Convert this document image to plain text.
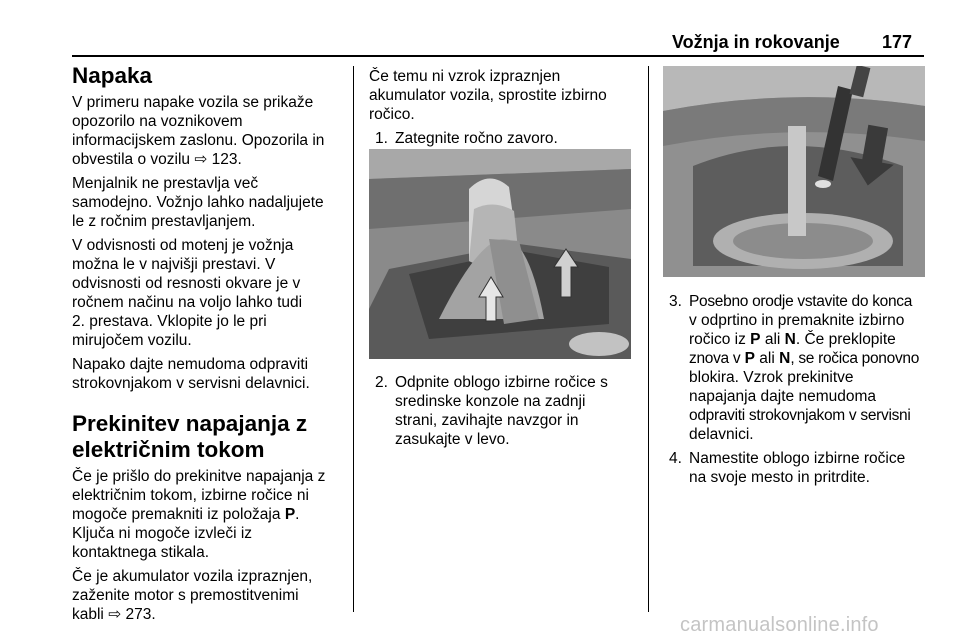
Vožnja in rokovanje 177
Napaka

V primeru napake vozila se prikaže
opozorilo na voznikovem
informacijskem zaslonu. Opozorila in
obvestila o vozilu ⇨ 123.

Menjalnik ne prestavlja več
samodejno. Vožnjo lahko nadaljujete
le z ročnim prestavljanjem.

V odvisnosti od motenj je vožnja
možna le v najvišji prestavi. V
odvisnosti od resnosti okvare je v
ročnem načinu na voljo lahko tudi
2. prestava. Vklopite jo le pri
mirujočem vozilu.

Napako dajte nemudoma odpraviti
strokovnjakom v servisni delavnici.

Prekinitev napajanja z
električnim tokom

Če je prišlo do prekinitve napajanja z
električnim tokom, izbirne ročice ni
mogoče premakniti iz položaja P.
Ključa ni mogoče izvleči iz
kontaktnega stikala.

Če je akumulator vozila izpraznjen,
zaženite motor s premostitvenimi
kabli ⇨ 273.

Če temu ni vzrok izpraznjen
akumulator vozila, sprostite izbirno
ročico.

1. Zategnite ročno zavoro.
2. Odpnite oblogo izbirne ročice s
sredinske konzole na zadnji
strani, zavihajte navzgor in
zasukajte v levo.
3. Posebno orodje vstavite do konca
v odprtino in premaknite izbirno
ročico iz P ali N. Če preklopite
znova v P ali N, se ročica ponovno
blokira. Vzrok prekinitve
napajanja dajte nemudoma
odpraviti strokovnjakom v servisni
delavnici.
4. Namestite oblogo izbirne ročice
na svoje mesto in pritrdite.
carmanualsonline.info
